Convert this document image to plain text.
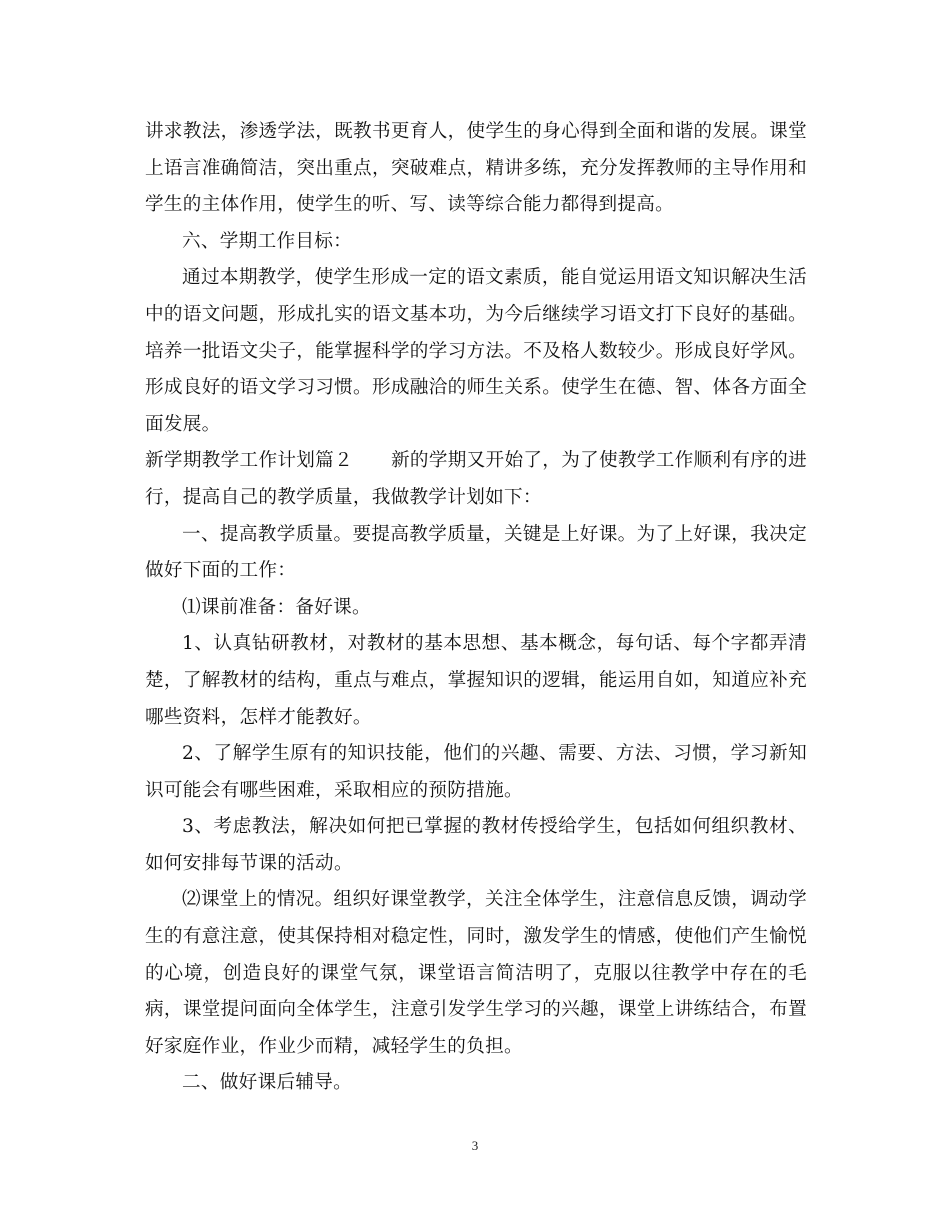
讲求教法，渗透学法，既教书更育人，使学生的身心得到全面和谐的发展。课堂上语言准确简洁，突出重点，突破难点，精讲多练，充分发挥教师的主导作用和学生的主体作用，使学生的听、写、读等综合能力都得到提高。

六、学期工作目标：

通过本期教学，使学生形成一定的语文素质，能自觉运用语文知识解决生活中的语文问题，形成扎实的语文基本功，为今后继续学习语文打下良好的基础。培养一批语文尖子，能掌握科学的学习方法。不及格人数较少。形成良好学风。形成良好的语文学习习惯。形成融洽的师生关系。使学生在德、智、体各方面全面发展。

新学期教学工作计划篇２ 新的学期又开始了，为了使教学工作顺利有序的进行，提高自己的教学质量，我做教学计划如下：

一、提高教学质量。要提高教学质量，关键是上好课。为了上好课，我决定做好下面的工作：

⑴课前准备：备好课。

1、认真钻研教材，对教材的基本思想、基本概念，每句话、每个字都弄清楚，了解教材的结构，重点与难点，掌握知识的逻辑，能运用自如，知道应补充哪些资料，怎样才能教好。

2、了解学生原有的知识技能，他们的兴趣、需要、方法、习惯，学习新知识可能会有哪些困难，采取相应的预防措施。

3、考虑教法，解决如何把已掌握的教材传授给学生，包括如何组织教材、如何安排每节课的活动。

⑵课堂上的情况。组织好课堂教学，关注全体学生，注意信息反馈，调动学生的有意注意，使其保持相对稳定性，同时，激发学生的情感，使他们产生愉悦的心境，创造良好的课堂气氛，课堂语言简洁明了，克服以往教学中存在的毛病，课堂提问面向全体学生，注意引发学生学习的兴趣，课堂上讲练结合，布置好家庭作业，作业少而精，减轻学生的负担。

二、做好课后辅导。

3
